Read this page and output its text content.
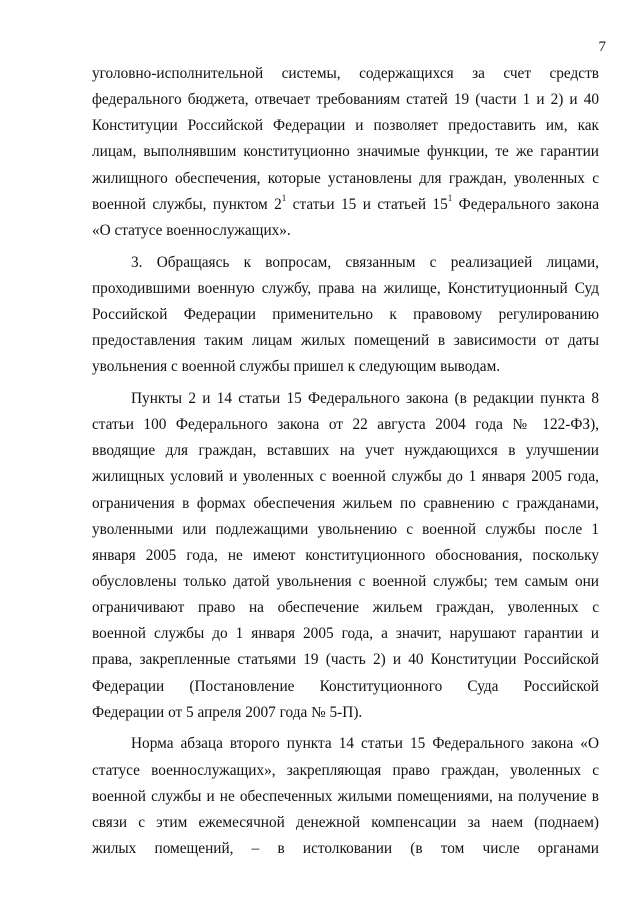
7

уголовно-исполнительной системы, содержащихся за счет средств
федерального бюджета, отвечает требованиям статей 19 (части 1 и 2) и 40
Конституции Российской Федерации и позволяет предоставить им, как
лицам, выполнявшим конституционно значимые функции, те же гарантии
жилищного обеспечения, которые установлены для граждан, уволенных с
военной службы, пунктом $2^1$ статьи 15 и статьей $15^1$ Федерального закона
«О статусе военнослужащих».

3. Обращаясь к вопросам, связанным с реализацией лицами,
проходившими военную службу, права на жилище, Конституционный Суд
Российской Федерации применительно к правовому регулированию
предоставления таким лицам жилых помещений в зависимости от даты
увольнения с военной службы пришел к следующим выводам.

Пункты 2 и 14 статьи 15 Федерального закона (в редакции пункта 8
статьи 100 Федерального закона от 22 августа 2004 года № 122-ФЗ),
вводящие для граждан, вставших на учет нуждающихся в улучшении
жилищных условий и уволенных с военной службы до 1 января 2005 года,
ограничения в формах обеспечения жильем по сравнению с гражданами,
уволенными или подлежащими увольнению с военной службы после 1
января 2005 года, не имеют конституционного обоснования, поскольку
обусловлены только датой увольнения с военной службы; тем самым они
ограничивают право на обеспечение жильем граждан, уволенных с
военной службы до 1 января 2005 года, а значит, нарушают гарантии и
права, закрепленные статьями 19 (часть 2) и 40 Конституции Российской
Федерации (Постановление Конституционного Суда Российской
Федерации от 5 апреля 2007 года № 5-П).

Норма абзаца второго пункта 14 статьи 15 Федерального закона «О
статусе военнослужащих», закрепляющая право граждан, уволенных с
военной службы и не обеспеченных жилыми помещениями, на получение в
связи с этим ежемесячной денежной компенсации за наем (поднаем)
жилых помещений, – в истолковании (в том числе органами
